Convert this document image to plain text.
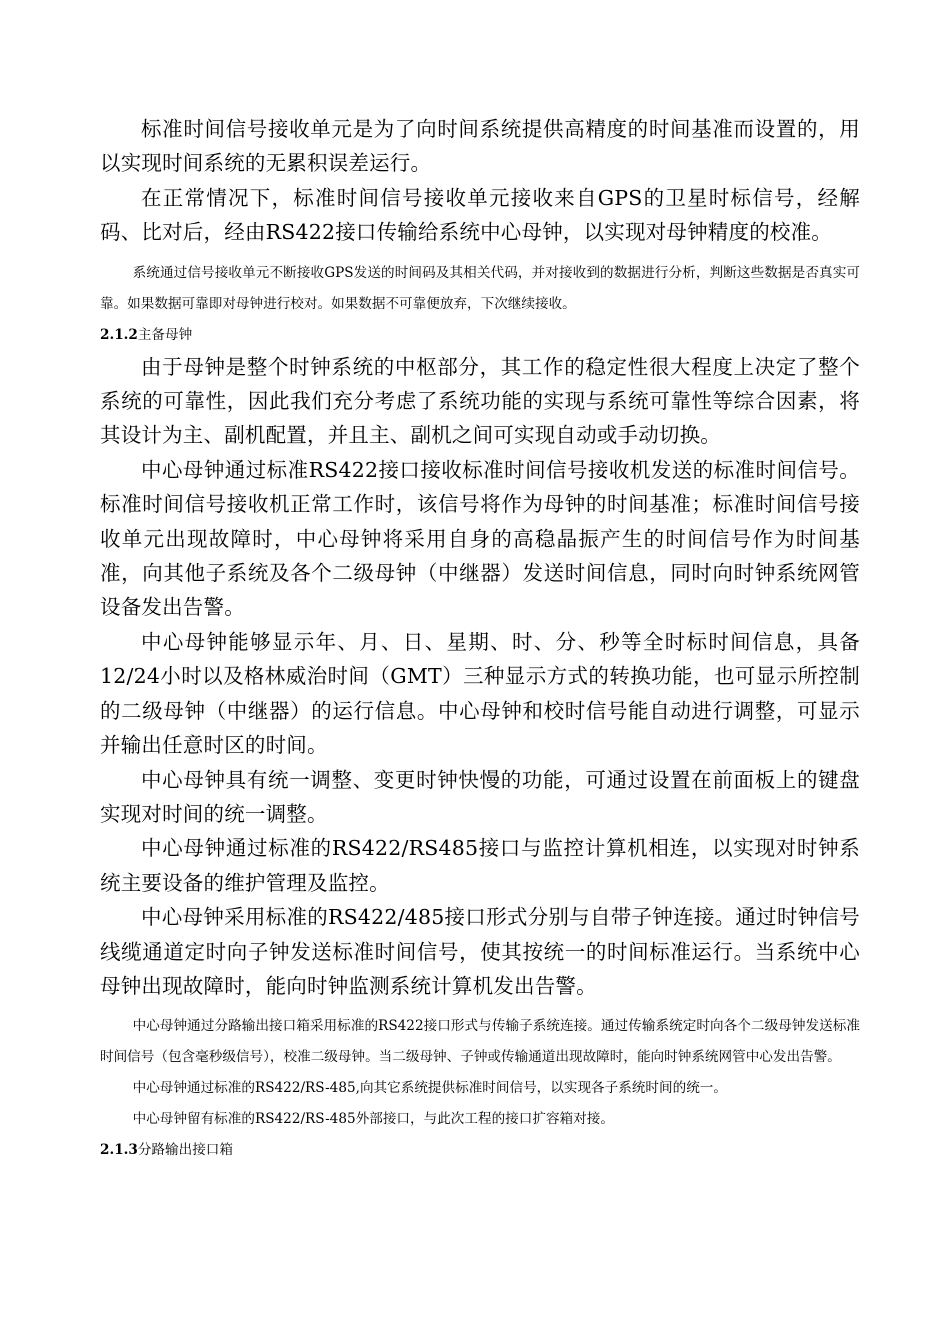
标准时间信号接收单元是为了向时间系统提供高精度的时间基准而设置的，用以实现时间系统的无累积误差运行。

在正常情况下，标准时间信号接收单元接收来自GPS的卫星时标信号，经解码、比对后，经由RS422接口传输给系统中心母钟，以实现对母钟精度的校准。

系统通过信号接收单元不断接收GPS发送的时间码及其相关代码，并对接收到的数据进行分析，判断这些数据是否真实可靠。如果数据可靠即对母钟进行校对。如果数据不可靠便放弃，下次继续接收。

2.1.2主备母钟

由于母钟是整个时钟系统的中枢部分，其工作的稳定性很大程度上决定了整个系统的可靠性，因此我们充分考虑了系统功能的实现与系统可靠性等综合因素，将其设计为主、副机配置，并且主、副机之间可实现自动或手动切换。

中心母钟通过标准RS422接口接收标准时间信号接收机发送的标准时间信号。标准时间信号接收机正常工作时，该信号将作为母钟的时间基准；标准时间信号接收单元出现故障时，中心母钟将采用自身的高稳晶振产生的时间信号作为时间基准，向其他子系统及各个二级母钟（中继器）发送时间信息，同时向时钟系统网管设备发出告警。

中心母钟能够显示年、月、日、星期、时、分、秒等全时标时间信息，具备12/24小时以及格林威治时间（GMT）三种显示方式的转换功能，也可显示所控制的二级母钟（中继器）的运行信息。中心母钟和校时信号能自动进行调整，可显示并输出任意时区的时间。

中心母钟具有统一调整、变更时钟快慢的功能，可通过设置在前面板上的键盘实现对时间的统一调整。

中心母钟通过标准的RS422/RS485接口与监控计算机相连，以实现对时钟系统主要设备的维护管理及监控。

中心母钟采用标准的RS422/485接口形式分别与自带子钟连接。通过时钟信号线缆通道定时向子钟发送标准时间信号，使其按统一的时间标准运行。当系统中心母钟出现故障时，能向时钟监测系统计算机发出告警。

中心母钟通过分路输出接口箱采用标准的RS422接口形式与传输子系统连接。通过传输系统定时向各个二级母钟发送标准时间信号（包含毫秒级信号），校准二级母钟。当二级母钟、子钟或传输通道出现故障时，能向时钟系统网管中心发出告警。

中心母钟通过标准的RS422/RS-485,向其它系统提供标准时间信号，以实现各子系统时间的统一。

中心母钟留有标准的RS422/RS-485外部接口，与此次工程的接口扩容箱对接。

2.1.3分路输出接口箱
